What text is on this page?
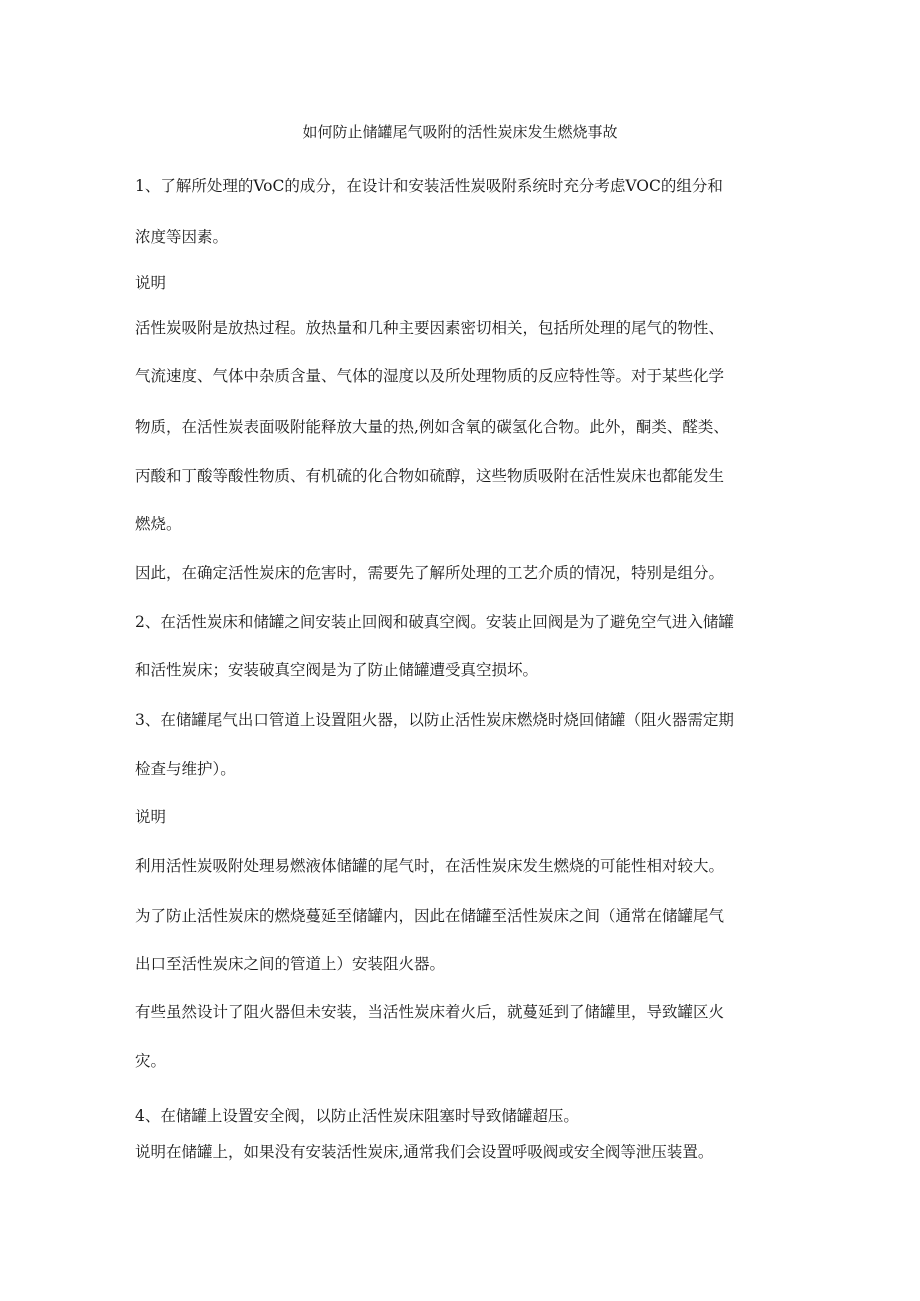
如何防止储罐尾气吸附的活性炭床发生燃烧事故
1、了解所处理的VoC的成分，在设计和安装活性炭吸附系统时充分考虑VOC的组分和
浓度等因素。
说明
活性炭吸附是放热过程。放热量和几种主要因素密切相关，包括所处理的尾气的物性、
气流速度、气体中杂质含量、气体的湿度以及所处理物质的反应特性等。对于某些化学
物质，在活性炭表面吸附能释放大量的热,例如含氧的碳氢化合物。此外，酮类、醛类、
丙酸和丁酸等酸性物质、有机硫的化合物如硫醇，这些物质吸附在活性炭床也都能发生
燃烧。
因此，在确定活性炭床的危害时，需要先了解所处理的工艺介质的情况，特别是组分。
2、在活性炭床和储罐之间安装止回阀和破真空阀。安装止回阀是为了避免空气进入储罐
和活性炭床；安装破真空阀是为了防止储罐遭受真空损坏。
3、在储罐尾气出口管道上设置阻火器，以防止活性炭床燃烧时烧回储罐（阻火器需定期
检查与维护）。
说明
利用活性炭吸附处理易燃液体储罐的尾气时，在活性炭床发生燃烧的可能性相对较大。
为了防止活性炭床的燃烧蔓延至储罐内，因此在储罐至活性炭床之间（通常在储罐尾气
出口至活性炭床之间的管道上）安装阻火器。
有些虽然设计了阻火器但未安装，当活性炭床着火后，就蔓延到了储罐里，导致罐区火
灾。
4、在储罐上设置安全阀，以防止活性炭床阻塞时导致储罐超压。
说明在储罐上，如果没有安装活性炭床,通常我们会设置呼吸阀或安全阀等泄压装置。
